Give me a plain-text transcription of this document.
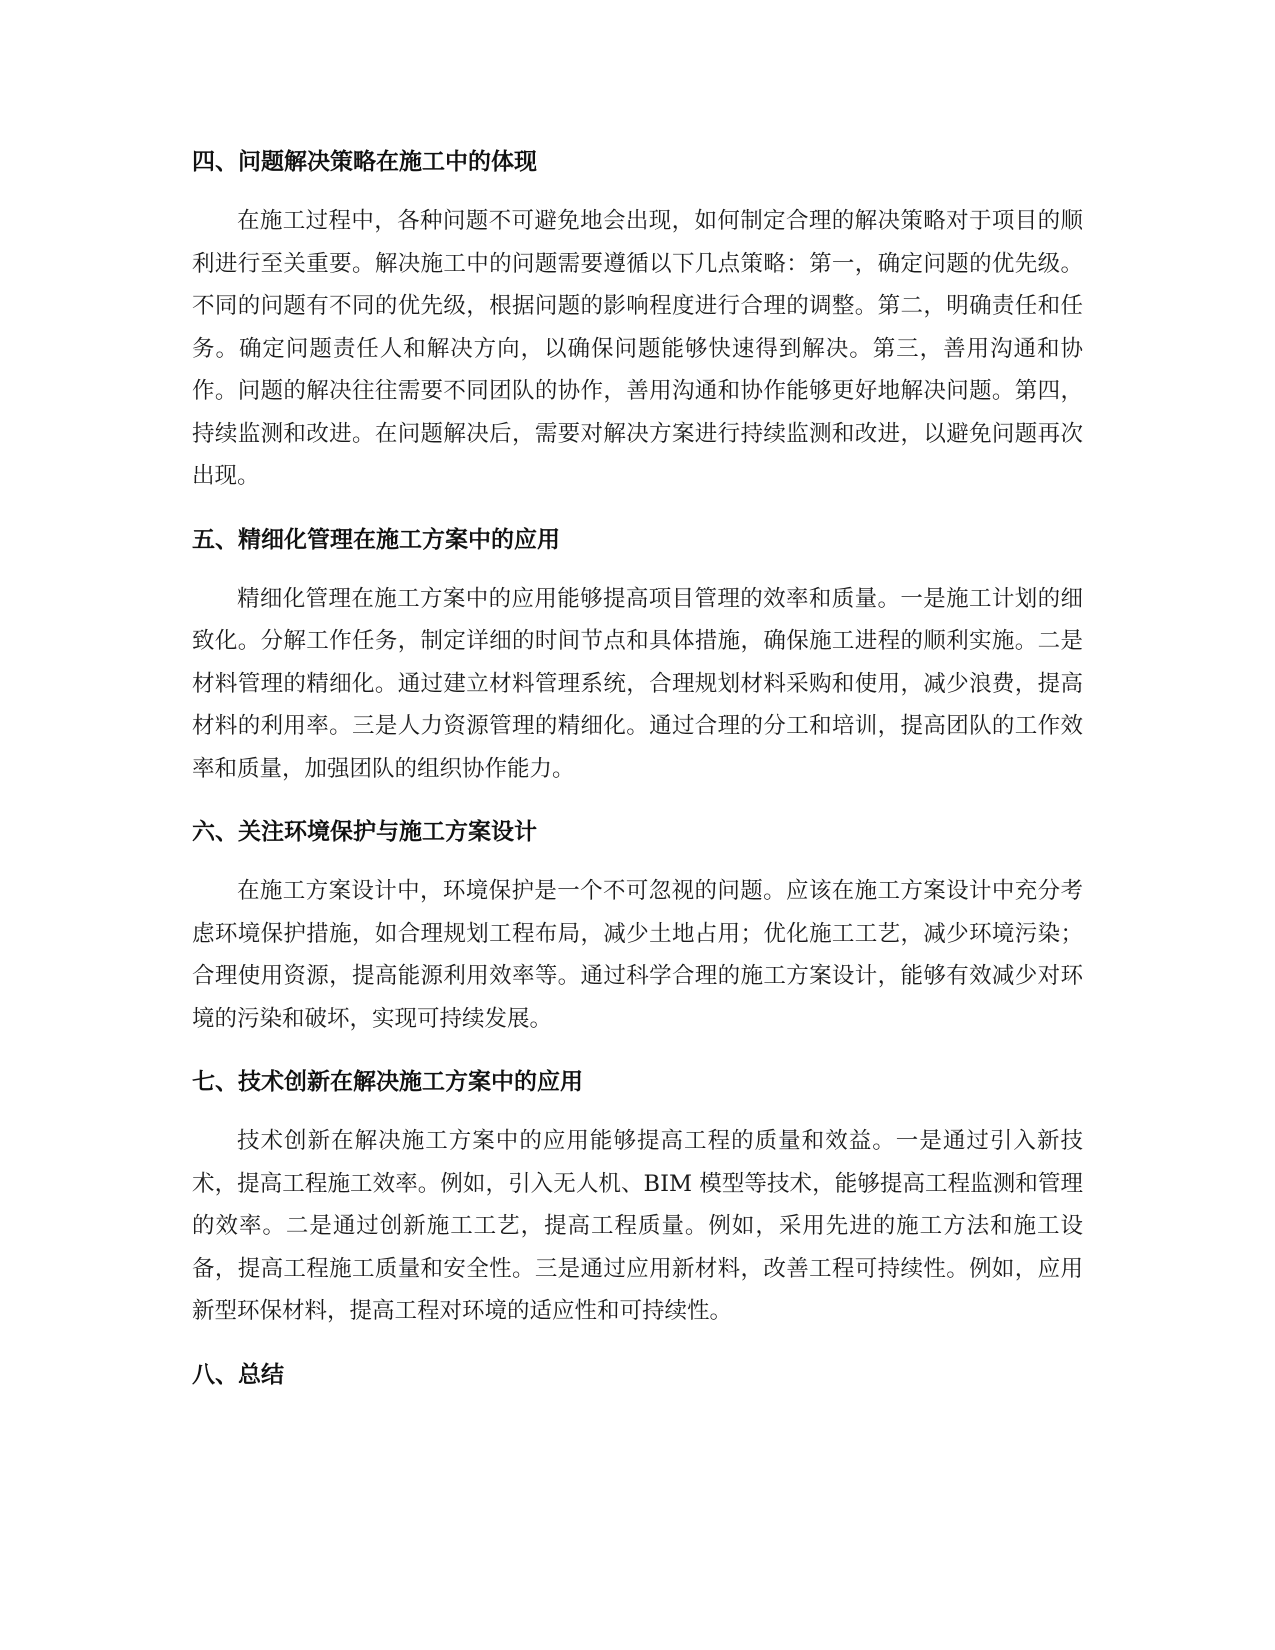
四、问题解决策略在施工中的体现

在施工过程中，各种问题不可避免地会出现，如何制定合理的解决策略对于项目的顺利进行至关重要。解决施工中的问题需要遵循以下几点策略：第一，确定问题的优先级。不同的问题有不同的优先级，根据问题的影响程度进行合理的调整。第二，明确责任和任务。确定问题责任人和解决方向，以确保问题能够快速得到解决。第三，善用沟通和协作。问题的解决往往需要不同团队的协作，善用沟通和协作能够更好地解决问题。第四，持续监测和改进。在问题解决后，需要对解决方案进行持续监测和改进，以避免问题再次出现。

五、精细化管理在施工方案中的应用

精细化管理在施工方案中的应用能够提高项目管理的效率和质量。一是施工计划的细致化。分解工作任务，制定详细的时间节点和具体措施，确保施工进程的顺利实施。二是材料管理的精细化。通过建立材料管理系统，合理规划材料采购和使用，减少浪费，提高材料的利用率。三是人力资源管理的精细化。通过合理的分工和培训，提高团队的工作效率和质量，加强团队的组织协作能力。

六、关注环境保护与施工方案设计

在施工方案设计中，环境保护是一个不可忽视的问题。应该在施工方案设计中充分考虑环境保护措施，如合理规划工程布局，减少土地占用；优化施工工艺，减少环境污染；合理使用资源，提高能源利用效率等。通过科学合理的施工方案设计，能够有效减少对环境的污染和破坏，实现可持续发展。

七、技术创新在解决施工方案中的应用

技术创新在解决施工方案中的应用能够提高工程的质量和效益。一是通过引入新技术，提高工程施工效率。例如，引入无人机、BIM 模型等技术，能够提高工程监测和管理的效率。二是通过创新施工工艺，提高工程质量。例如，采用先进的施工方法和施工设备，提高工程施工质量和安全性。三是通过应用新材料，改善工程可持续性。例如，应用新型环保材料，提高工程对环境的适应性和可持续性。

八、总结
